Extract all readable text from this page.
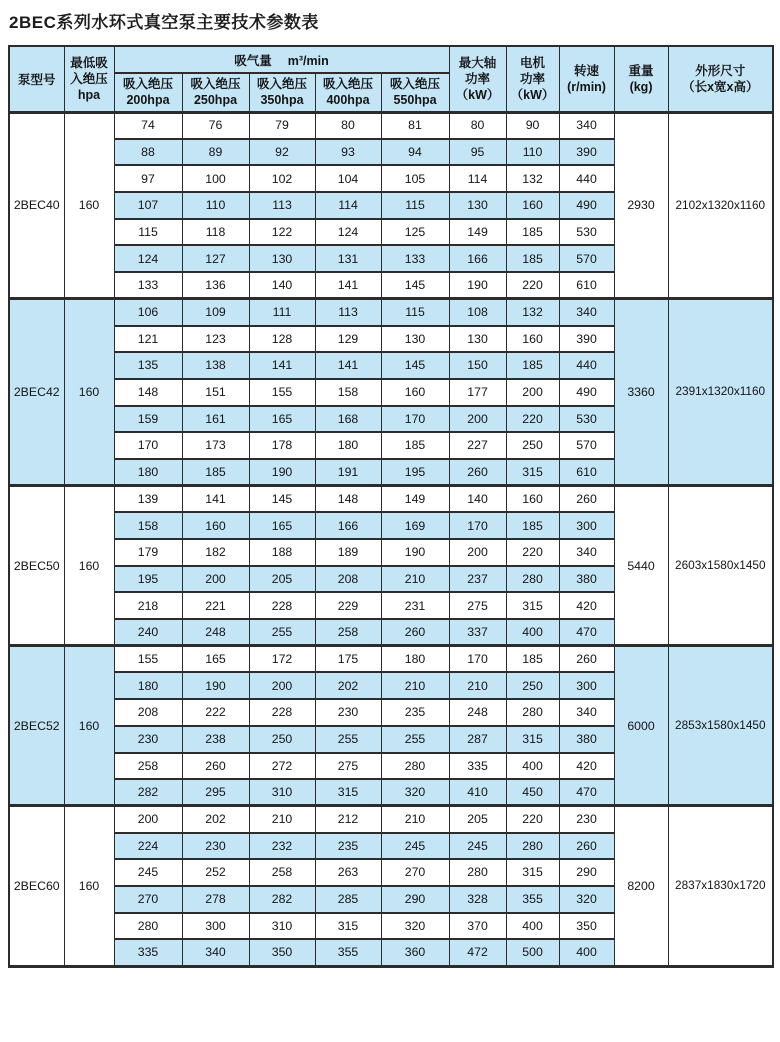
2BEC系列水环式真空泵主要技术参数表
泵型号	最低吸
入绝压
hpa	吸气量 m³/min					最大轴
功率
（kW）	电机
功率
（kW）	转速
(r/min)	重量
(kg)	外形尺寸
（长x宽x高）

		吸入绝压
200hpa	吸入绝压
250hpa	吸入绝压
350hpa	吸入绝压
400hpa	吸入绝压
550hpa					

2BEC40	160	74	76	79	80	81	80	90	340	2930	2102x1320x1160
		88	89	92	93	94	95	110	390		
		97	100	102	104	105	114	132	440		
		107	110	113	114	115	130	160	490		
		115	118	122	124	125	149	185	530		
		124	127	130	131	133	166	185	570		
		133	136	140	141	145	190	220	610		
2BEC42	160	106	109	111	113	115	108	132	340	3360	2391x1320x1160
		121	123	128	129	130	130	160	390		
		135	138	141	141	145	150	185	440		
		148	151	155	158	160	177	200	490		
		159	161	165	168	170	200	220	530		
		170	173	178	180	185	227	250	570		
		180	185	190	191	195	260	315	610		
2BEC50	160	139	141	145	148	149	140	160	260	5440	2603x1580x1450
		158	160	165	166	169	170	185	300		
		179	182	188	189	190	200	220	340		
		195	200	205	208	210	237	280	380		
		218	221	228	229	231	275	315	420		
		240	248	255	258	260	337	400	470		
2BEC52	160	155	165	172	175	180	170	185	260	6000	2853x1580x1450
		180	190	200	202	210	210	250	300		
		208	222	228	230	235	248	280	340		
		230	238	250	255	255	287	315	380		
		258	260	272	275	280	335	400	420		
		282	295	310	315	320	410	450	470		
2BEC60	160	200	202	210	212	210	205	220	230	8200	2837x1830x1720
		224	230	232	235	245	245	280	260		
		245	252	258	263	270	280	315	290		
		270	278	282	285	290	328	355	320		
		280	300	310	315	320	370	400	350		
		335	340	350	355	360	472	500	400		
